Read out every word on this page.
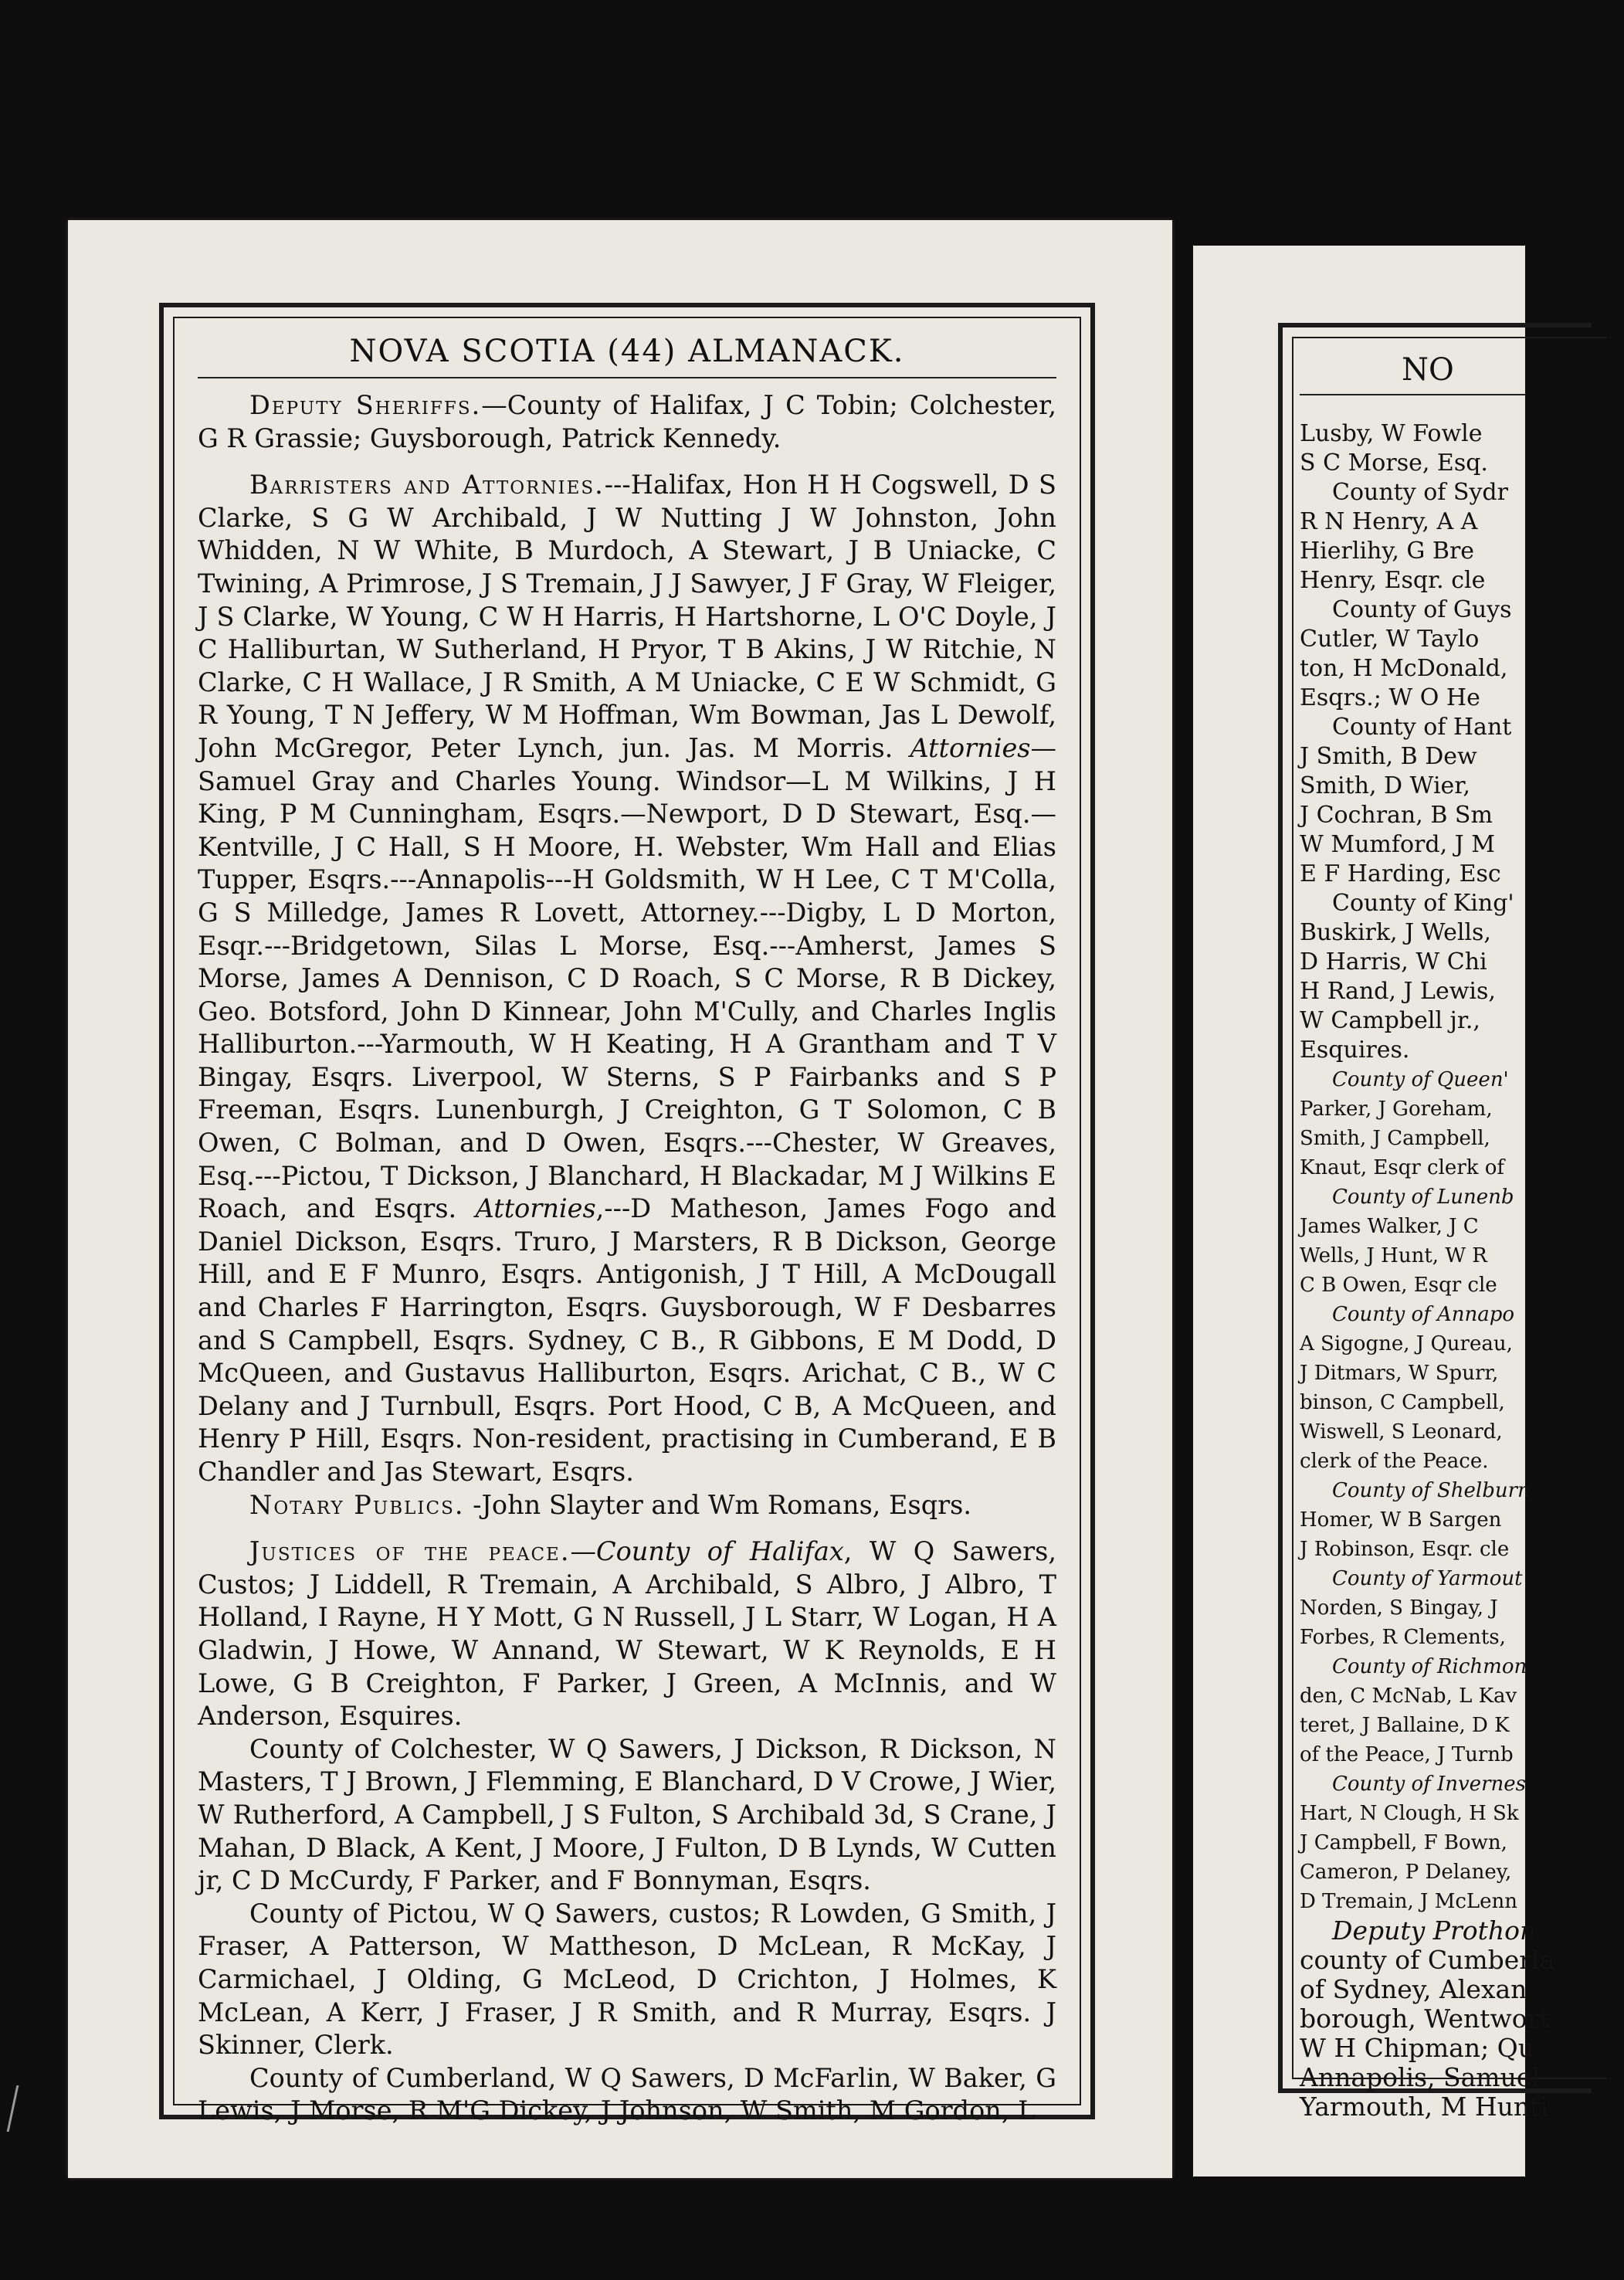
NOVA SCOTIA (44) ALMANACK.

Deputy Sheriffs.—County of Halifax, J C Tobin; Colchester, G R Grassie; Guysborough, Patrick Kennedy.

Barristers and Attornies.---Halifax, Hon H H Cogswell, D S Clarke, S G W Archibald, J W Nutting J W Johnston, John Whidden, N W White, B Murdoch, A Stewart, J B Uniacke, C Twining, A Primrose, J S Tremain, J J Sawyer, J F Gray, W Fleiger, J S Clarke, W Young, C W H Harris, H Hartshorne, L O'C Doyle, J C Halliburtan, W Sutherland, H Pryor, T B Akins, J W Ritchie, N Clarke, C H Wallace, J R Smith, A M Uniacke, C E W Schmidt, G R Young, T N Jeffery, W M Hoffman, Wm Bowman, Jas L Dewolf, John McGregor, Peter Lynch, jun. Jas. M Morris. Attornies—Samuel Gray and Charles Young. Windsor—L M Wilkins, J H King, P M Cunningham, Esqrs.—Newport, D D Stewart, Esq.—Kentville, J C Hall, S H Moore, H. Webster, Wm Hall and Elias Tupper, Esqrs.---Annapolis---H Goldsmith, W H Lee, C T M'Colla, G S Milledge, James R Lovett, Attorney.---Digby, L D Morton, Esqr.---Bridgetown, Silas L Morse, Esq.---Amherst, James S Morse, James A Dennison, C D Roach, S C Morse, R B Dickey, Geo. Botsford, John D Kinnear, John M'Cully, and Charles Inglis Halliburton.---Yarmouth, W H Keating, H A Grantham and T V Bingay, Esqrs. Liverpool, W Sterns, S P Fairbanks and S P Freeman, Esqrs. Lunenburgh, J Creighton, G T Solomon, C B Owen, C Bolman, and D Owen, Esqrs.---Chester, W Greaves, Esq.---Pictou, T Dickson, J Blanchard, H Blackadar, M J Wilkins E Roach, and Esqrs. Attornies,---D Matheson, James Fogo and Daniel Dickson, Esqrs. Truro, J Marsters, R B Dickson, George Hill, and E F Munro, Esqrs. Antigonish, J T Hill, A McDougall and Charles F Harrington, Esqrs. Guysborough, W F Desbarres and S Campbell, Esqrs. Sydney, C B., R Gibbons, E M Dodd, D McQueen, and Gustavus Halliburton, Esqrs. Arichat, C B., W C Delany and J Turnbull, Esqrs. Port Hood, C B, A McQueen, and Henry P Hill, Esqrs. Non-resident, practising in Cumberand, E B Chandler and Jas Stewart, Esqrs.

Notary Publics. -John Slayter and Wm Romans, Esqrs.

Justices of the peace.—County of Halifax, W Q Sawers, Custos; J Liddell, R Tremain, A Archibald, S Albro, J Albro, T Holland, I Rayne, H Y Mott, G N Russell, J L Starr, W Logan, H A Gladwin, J Howe, W Annand, W Stewart, W K Reynolds, E H Lowe, G B Creighton, F Parker, J Green, A McInnis, and W Anderson, Esquires.

County of Colchester, W Q Sawers, J Dickson, R Dickson, N Masters, T J Brown, J Flemming, E Blanchard, D V Crowe, J Wier, W Rutherford, A Campbell, J S Fulton, S Archibald 3d, S Crane, J Mahan, D Black, A Kent, J Moore, J Fulton, D B Lynds, W Cutten jr, C D McCurdy, F Parker, and F Bonnyman, Esqrs.

County of Pictou, W Q Sawers, custos; R Lowden, G Smith, J Fraser, A Patterson, W Mattheson, D McLean, R McKay, J Carmichael, J Olding, G McLeod, D Crichton, J Holmes, K McLean, A Kerr, J Fraser, J R Smith, and R Murray, Esqrs. J Skinner, Clerk.

County of Cumberland, W Q Sawers, D McFarlin, W Baker, G Lewis, J Morse, R M'G Dickey, J Johnson, W Smith, M Gordon, L

NO
Lusby, W Fowle
S C Morse, Esq.
County of Sydr
R N Henry, A A
Hierlihy, G Bre
Henry, Esqr. cle
County of Guys
Cutler, W Taylo
ton, H McDonald,
Esqrs.; W O He
County of Hant
J Smith, B Dew
Smith, D Wier,
J Cochran, B Sm
W Mumford, J M
E F Harding, Esc
County of King'
Buskirk, J Wells,
D Harris, W Chi
H Rand, J Lewis,
W Campbell jr.,
Esquires.
County of Queen'
Parker, J Goreham,
Smith, J Campbell,
Knaut, Esqr clerk of
County of Lunenb
James Walker, J C
Wells, J Hunt, W R
C B Owen, Esqr cle
County of Annapo
A Sigogne, J Qureau,
J Ditmars, W Spurr,
binson, C Campbell,
Wiswell, S Leonard,
clerk of the Peace.
County of Shelburn
Homer, W B Sargen
J Robinson, Esqr. cle
County of Yarmout
Norden, S Bingay, J
Forbes, R Clements,
County of Richmon
den, C McNab, L Kav
teret, J Ballaine, D K
of the Peace, J Turnb
County of Invernes
Hart, N Clough, H Sk
J Campbell, F Bown,
Cameron, P Delaney,
D Tremain, J McLenn
Deputy Prothon
county of Cumberla
of Sydney, Alexan
borough, Wentwort
W H Chipman; Qu
Annapolis, Samuel
Yarmouth, M Hunti
